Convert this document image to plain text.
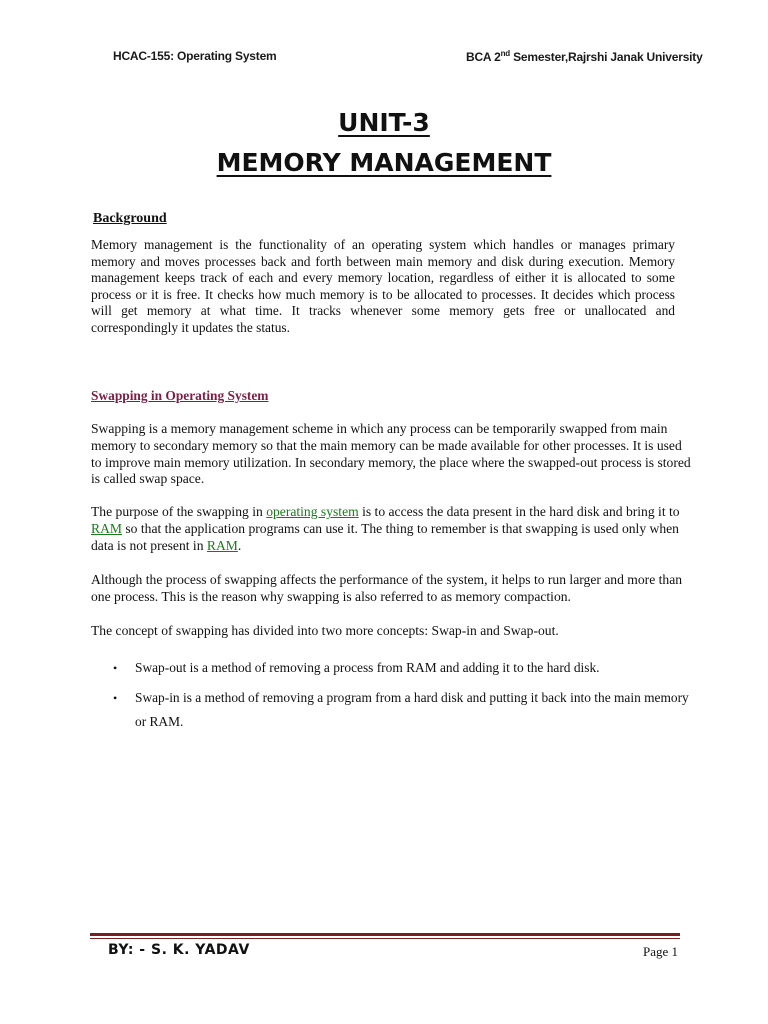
HCAC-155: Operating System	BCA 2nd Semester,Rajrshi Janak University
UNIT-3
MEMORY MANAGEMENT
Background
Memory management is the functionality of an operating system which handles or manages primary memory and moves processes back and forth between main memory and disk during execution. Memory management keeps track of each and every memory location, regardless of either it is allocated to some process or it is free. It checks how much memory is to be allocated to processes. It decides which process will get memory at what time. It tracks whenever some memory gets free or unallocated and correspondingly it updates the status.
Swapping in Operating System
Swapping is a memory management scheme in which any process can be temporarily swapped from main memory to secondary memory so that the main memory can be made available for other processes. It is used to improve main memory utilization. In secondary memory, the place where the swapped-out process is stored is called swap space.
The purpose of the swapping in operating system is to access the data present in the hard disk and bring it to RAM so that the application programs can use it. The thing to remember is that swapping is used only when data is not present in RAM.
Although the process of swapping affects the performance of the system, it helps to run larger and more than one process. This is the reason why swapping is also referred to as memory compaction.
The concept of swapping has divided into two more concepts: Swap-in and Swap-out.
• Swap-out is a method of removing a process from RAM and adding it to the hard disk.
• Swap-in is a method of removing a program from a hard disk and putting it back into the main memory or RAM.
BY: - S. K. YADAV	Page 1
